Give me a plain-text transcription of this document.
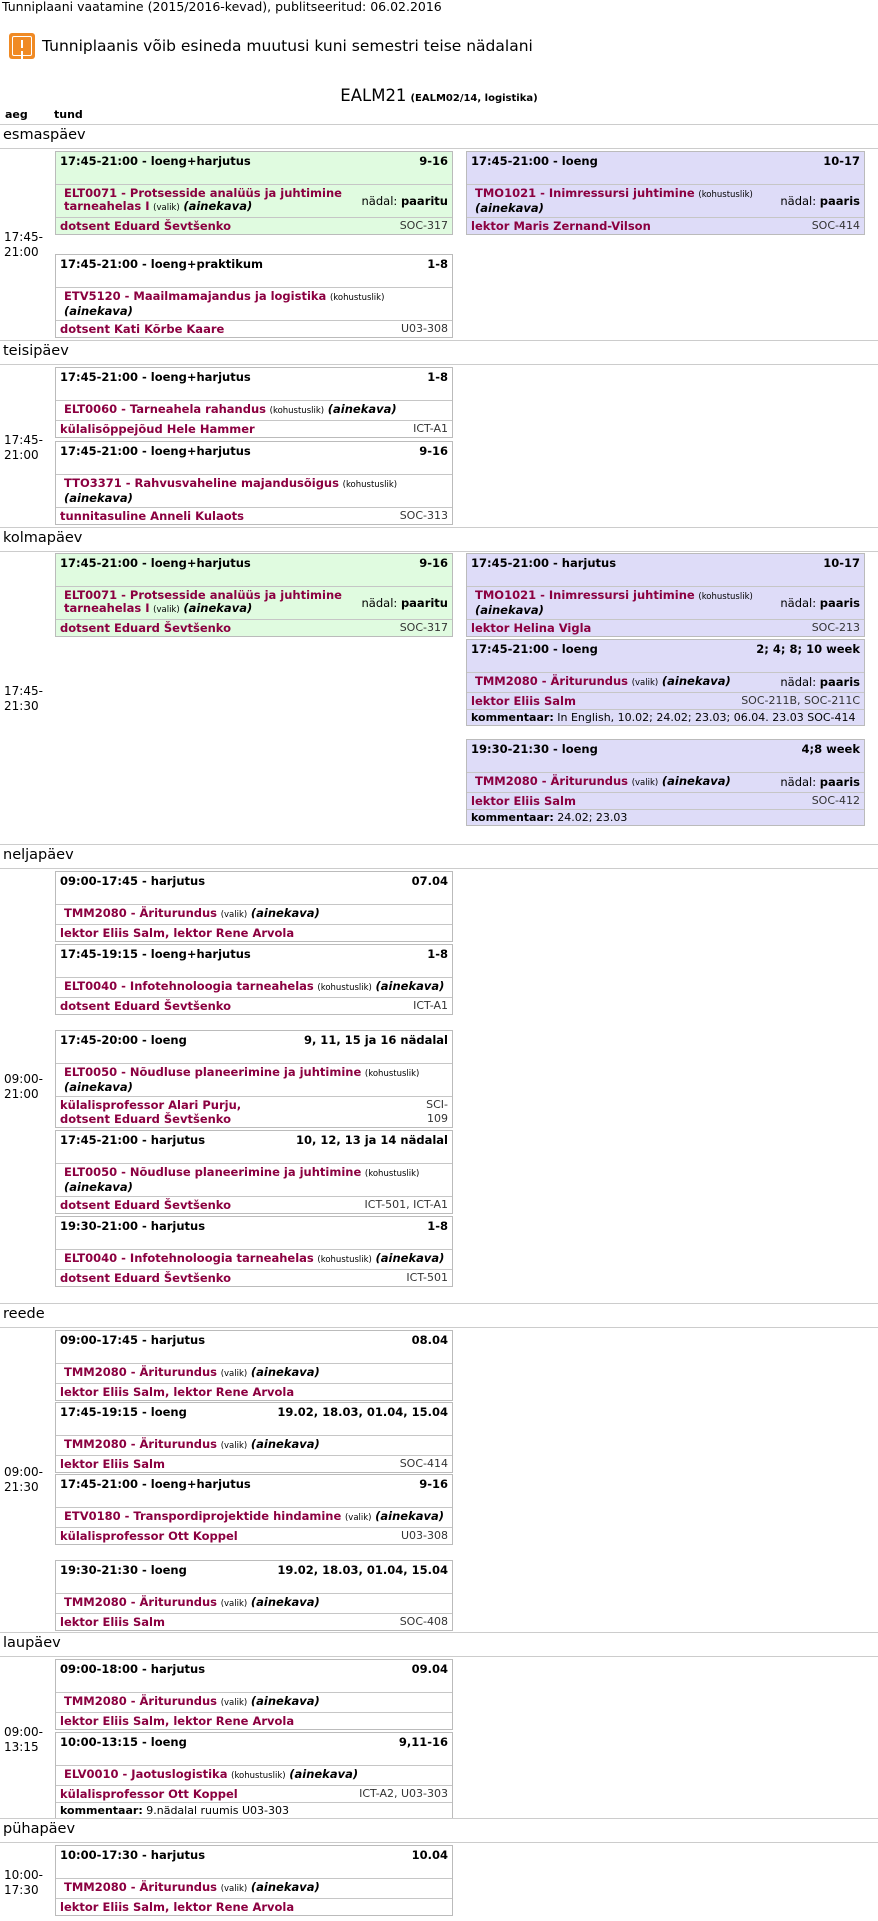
Tunniplaani vaatamine (2015/2016-kevad), publitseeritud: 06.02.2016
Tunniplaanis võib esineda muutusi kuni semestri teise nädalani
EALM21 (EALM02/14, logistika)
aeg tund
esmaspäev
17:45-
21:00
17:45-21:00 - loeng+harjutus	9-16
ELT0071 - Protsesside analüüs ja juhtimine tarneahelas I (valik) (ainekava)	nädal: paaritu
dotsent Eduard Ševtšenko	SOC-317
17:45-21:00 - loeng	10-17
TMO1021 - Inimressursi juhtimine (kohustuslik) (ainekava)
nädal: paaris
lektor Maris Zernand-Vilson	SOC-414
17:45-21:00 - loeng+praktikum	1-8
ETV5120 - Maailmamajandus ja logistika (kohustuslik) (ainekava)
dotsent Kati Kõrbe Kaare	U03-308
teisipäev
17:45-
21:00
17:45-21:00 - loeng+harjutus	1-8
ELT0060 - Tarneahela rahandus (kohustuslik) (ainekava)
külalisõppejõud Hele Hammer	ICT-A1
17:45-21:00 - loeng+harjutus	9-16
TTO3371 - Rahvusvaheline majandusõigus (kohustuslik) (ainekava)
tunnitasuline Anneli Kulaots	SOC-313
kolmapäev
17:45-
21:30
17:45-21:00 - loeng+harjutus	9-16
ELT0071 - Protsesside analüüs ja juhtimine tarneahelas I (valik) (ainekava)	nädal: paaritu
dotsent Eduard Ševtšenko	SOC-317
17:45-21:00 - harjutus	10-17
TMO1021 - Inimressursi juhtimine (kohustuslik) (ainekava)
nädal: paaris
lektor Helina Vigla	SOC-213
17:45-21:00 - loeng	2; 4; 8; 10 week
TMM2080 - Äriturundus (valik) (ainekava)	nädal: paaris
lektor Eliis Salm	SOC-211B, SOC-211C
kommentaar: In English, 10.02; 24.02; 23.03; 06.04. 23.03 SOC-414
19:30-21:30 - loeng	4;8 week
TMM2080 - Äriturundus (valik) (ainekava)	nädal: paaris
lektor Eliis Salm	SOC-412
kommentaar: 24.02; 23.03
neljapäev
09:00-
21:00
09:00-17:45 - harjutus	07.04
TMM2080 - Äriturundus (valik) (ainekava)
lektor Eliis Salm, lektor Rene Arvola
17:45-19:15 - loeng+harjutus	1-8
ELT0040 - Infotehnoloogia tarneahelas (kohustuslik) (ainekava)
dotsent Eduard Ševtšenko	ICT-A1
17:45-20:00 - loeng	9, 11, 15 ja 16 nädalal
ELT0050 - Nõudluse planeerimine ja juhtimine (kohustuslik) (ainekava)
külalisprofessor Alari Purju,
dotsent Eduard Ševtšenko
SCI-
109
17:45-21:00 - harjutus	10, 12, 13 ja 14 nädalal
ELT0050 - Nõudluse planeerimine ja juhtimine (kohustuslik) (ainekava)
dotsent Eduard Ševtšenko	ICT-501, ICT-A1
19:30-21:00 - harjutus	1-8
ELT0040 - Infotehnoloogia tarneahelas (kohustuslik) (ainekava)
dotsent Eduard Ševtšenko	ICT-501
reede
09:00-
21:30
09:00-17:45 - harjutus	08.04
TMM2080 - Äriturundus (valik) (ainekava)
lektor Eliis Salm, lektor Rene Arvola
17:45-19:15 - loeng	19.02, 18.03, 01.04, 15.04
TMM2080 - Äriturundus (valik) (ainekava)
lektor Eliis Salm	SOC-414
17:45-21:00 - loeng+harjutus	9-16
ETV0180 - Transpordiprojektide hindamine (valik) (ainekava)
külalisprofessor Ott Koppel	U03-308
19:30-21:30 - loeng	19.02, 18.03, 01.04, 15.04
TMM2080 - Äriturundus (valik) (ainekava)
lektor Eliis Salm	SOC-408
laupäev
09:00-
13:15
09:00-18:00 - harjutus	09.04
TMM2080 - Äriturundus (valik) (ainekava)
lektor Eliis Salm, lektor Rene Arvola
10:00-13:15 - loeng	9,11-16
ELV0010 - Jaotuslogistika (kohustuslik) (ainekava)
külalisprofessor Ott Koppel	ICT-A2, U03-303
kommentaar: 9.nädalal ruumis U03-303
pühapäev
10:00-
17:30
10:00-17:30 - harjutus	10.04
TMM2080 - Äriturundus (valik) (ainekava)
lektor Eliis Salm, lektor Rene Arvola
